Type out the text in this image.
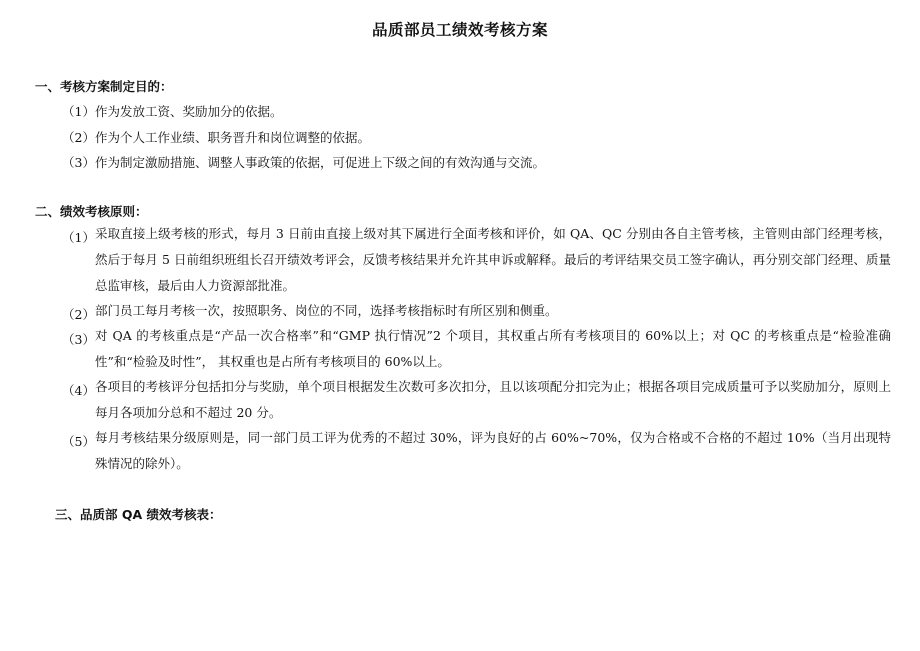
品质部员工绩效考核方案
一、考核方案制定目的：
（1）作为发放工资、奖励加分的依据。
（2）作为个人工作业绩、职务晋升和岗位调整的依据。
（3）作为制定激励措施、调整人事政策的依据，可促进上下级之间的有效沟通与交流。
二、绩效考核原则：
（1） 采取直接上级考核的形式，每月 3 日前由直接上级对其下属进行全面考核和评价，如 QA、QC 分别由各自主管考核，主管则由部门经理考核，然后于每月 5 日前组织班组长召开绩效考评会，反馈考核结果并允许其申诉或解释。最后的考评结果交员工签字确认，再分别交部门经理、质量总监审核，最后由人力资源部批准。

（2） 部门员工每月考核一次，按照职务、岗位的不同，选择考核指标时有所区别和侧重。

（3） 对 QA 的考核重点是“产品一次合格率”和“GMP 执行情况”2 个项目，其权重占所有考核项目的 60%以上；对 QC 的考核重点是“检验准确性”和“检验及时性”， 其权重也是占所有考核项目的 60%以上。

（4） 各项目的考核评分包括扣分与奖励，单个项目根据发生次数可多次扣分，且以该项配分扣完为止；根据各项目完成质量可予以奖励加分，原则上每月各项加分总和不超过 20 分。

（5） 每月考核结果分级原则是，同一部门员工评为优秀的不超过 30%，评为良好的占 60%~70%，仅为合格或不合格的不超过 10%（当月出现特殊情况的除外）。

三、品质部 QA 绩效考核表：
